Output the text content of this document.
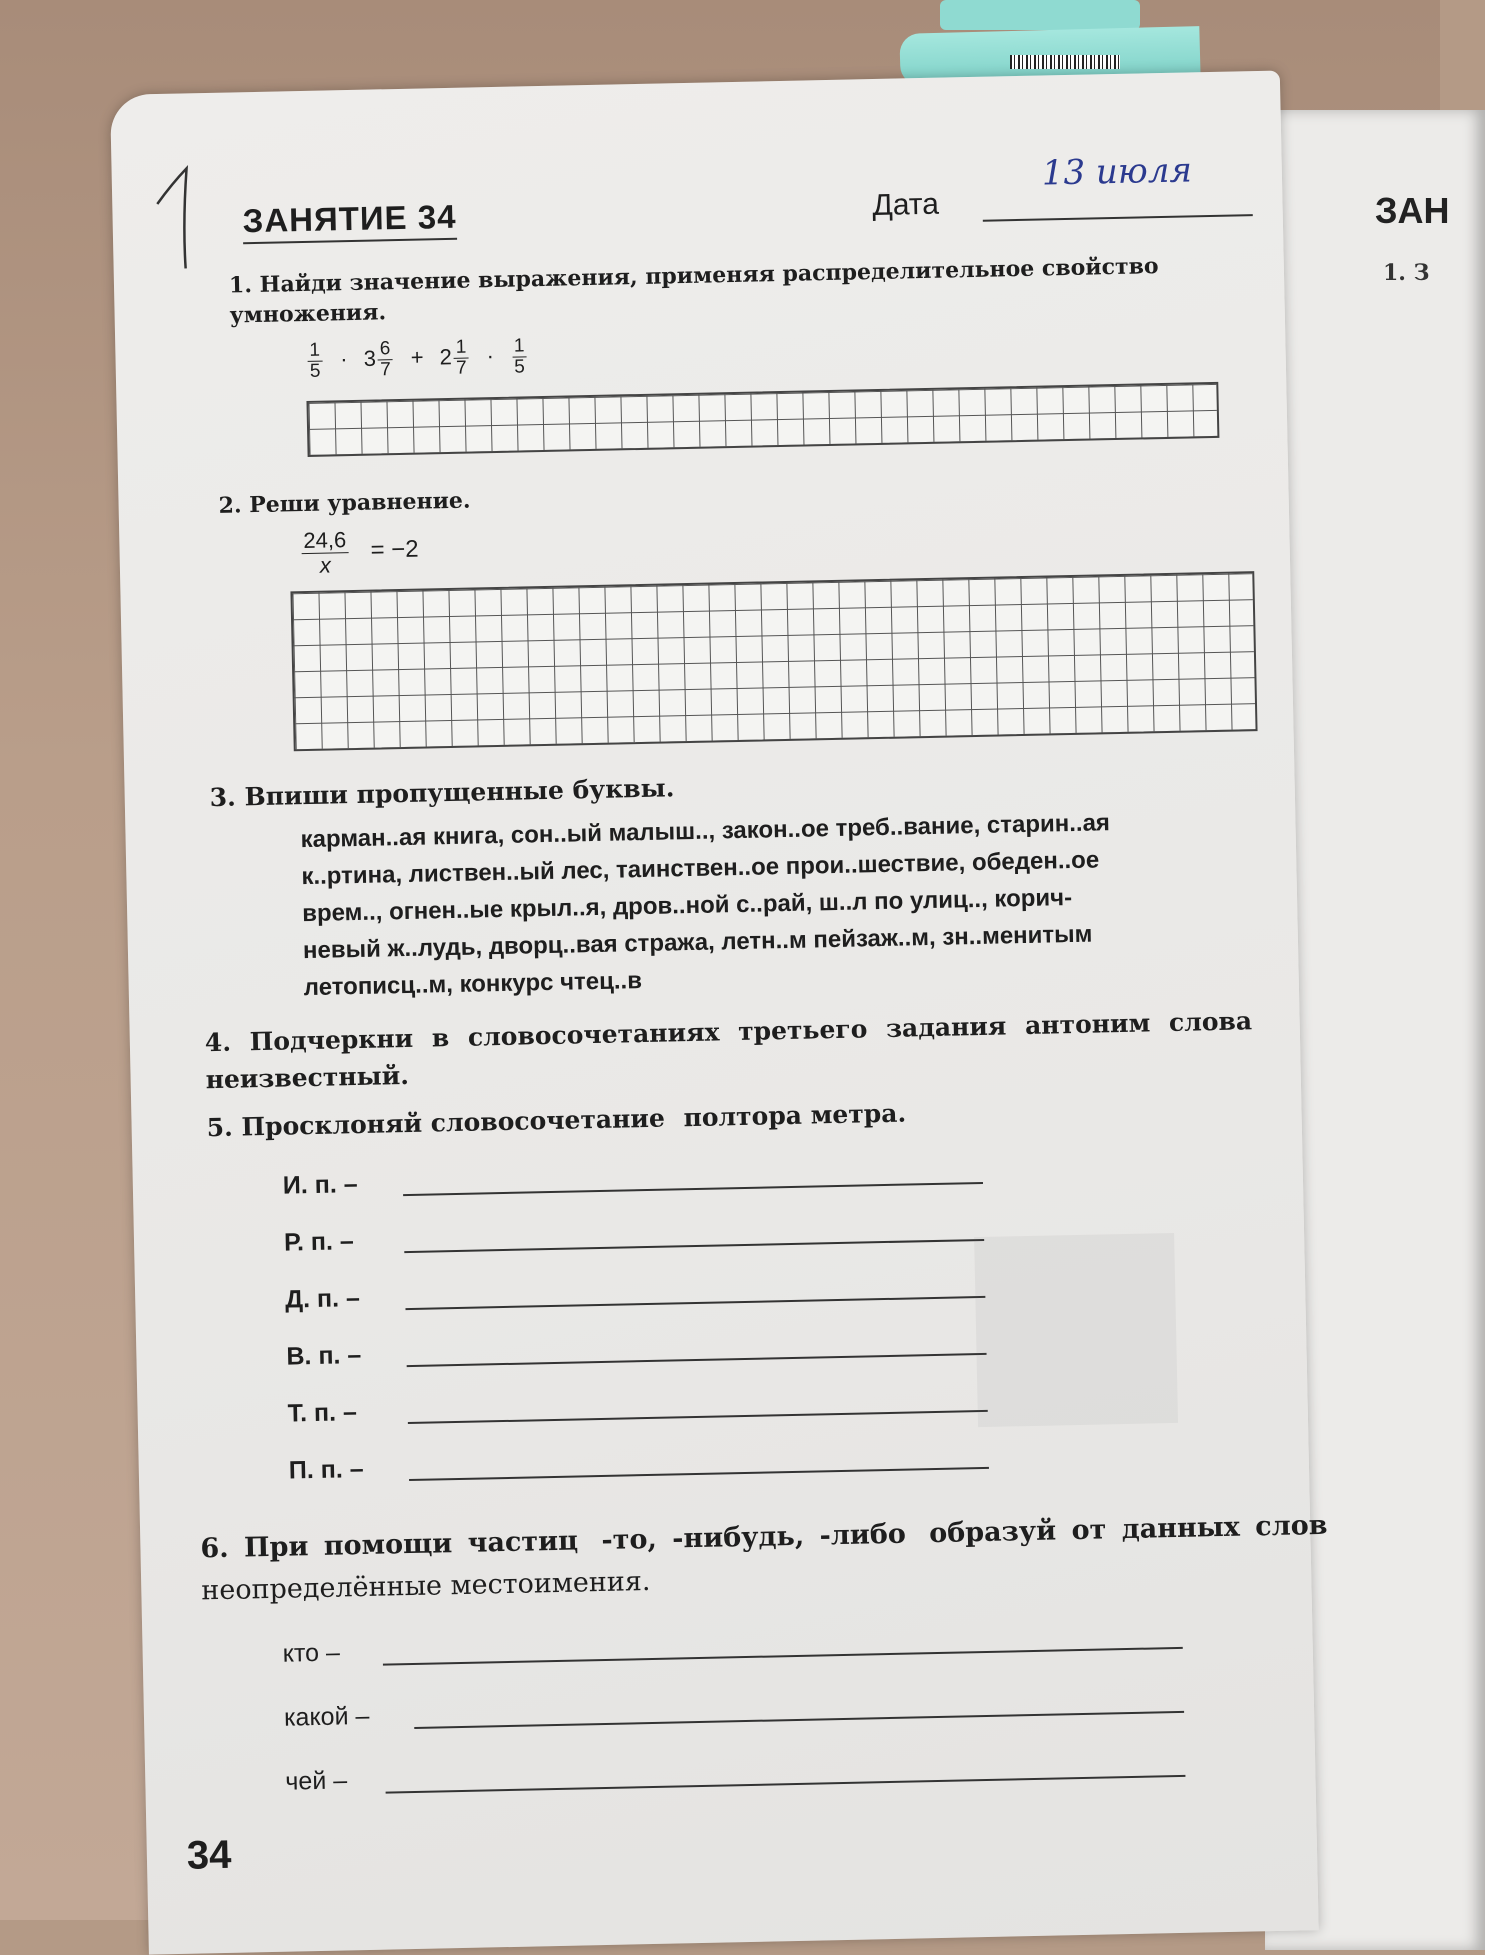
ЗАН
1. З
ЗАНЯТИЕ 34	Дата
13 июля
1. Найди значение выражения, применяя распределительное свойство
умножения.
$\frac{1}{5} \cdot 3 \frac{6}{7} + 2 \frac{1}{7} \cdot \frac{1}{5}$
2. Реши уравнение.
$\frac{24,6}{x} = -2$
3. Впиши пропущенные буквы.
карман..ая книга, сон..ый малыш.., закон..ое треб..вание, старин..ая
к..ртина, листвен..ый лес, таинствен..ое прои..шествие, обеден..ое
врем.., огнен..ые крыл..я, дров..ной с..рай, ш..л по улиц.., корич-
невый ж..лудь, дворц..вая стража, летн..м пейзаж..м, зн..менитым
летописц..м, конкурс чтец..в
4. Подчеркни в словосочетаниях третьего задания антоним слова
неизвестный.
5. Просклоняй словосочетание полтора метра.
И. п. –
Р. п. –
Д. п. –
В. п. –
Т. п. –
П. п. –
6. При помощи частиц -то, -нибудь, -либо образуй от данных слов
неопределённые местоимения.
кто –
какой –
чей –
34
